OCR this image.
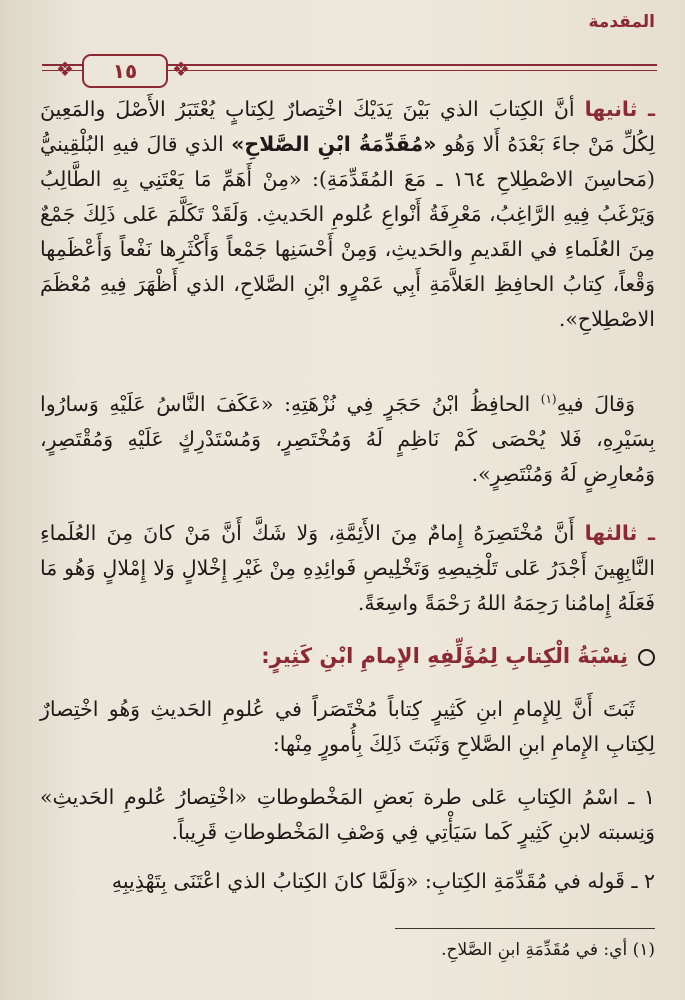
المقدمة
❖	١٥	❖
ـ ثانيها أنَّ الكِتابَ الذي بَيْنَ يَدَيْكَ اخْتِصارٌ لِكِتابٍ يُعْتَبَرُ الأَصْلَ والمَعِينَ لِكُلِّ مَنْ جاءَ بَعْدَهُ أَلا وَهُو «مُقَدِّمَةُ ابْنِ الصَّلاحِ» الذي قالَ فيهِ البُلْقِينيُّ (مَحاسِنَ الاصْطِلاحِ ١٦٤ ـ مَعَ المُقَدِّمَةِ): «مِنْ أَهَمِّ مَا يَعْتَنِي بِهِ الطَّالِبُ وَيَرْغَبُ فِيهِ الرَّاغِبُ، مَعْرِفَةُ أَنْواعِ عُلومِ الحَديثِ. وَلَقَدْ تَكَلَّمَ عَلى ذَلِكَ جَمْعٌ مِنَ العُلَماءِ في القَديمِ والحَديثِ، وَمِنْ أَحْسَنِها جَمْعاً وَأَكْثَرِها نَفْعاً وَأَعْظَمِها وَقْعاً، كِتابُ الحافِظِ العَلاَّمَةِ أَبِي عَمْرٍو ابْنِ الصَّلاحِ، الذي أَظْهَرَ فِيهِ مُعْظَمَ الاصْطِلاحِ».
وَقالَ فيهِ$^{(١)}$ الحافِظُ ابْنُ حَجَرٍ فِي نُزْهَتِهِ: «عَكَفَ النَّاسُ عَلَيْهِ وَسارُوا بِسَيْرِهِ، فَلا يُحْصَى كَمْ نَاظِمٍ لَهُ وَمُخْتَصِرٍ، وَمُسْتَدْرِكٍ عَلَيْهِ وَمُقْتَصِرٍ، وَمُعارِضٍ لَهُ وَمُنْتَصِرٍ».
ـ ثالثها أَنَّ مُخْتَصِرَهُ إِمامٌ مِنَ الأَئِمَّةِ، وَلا شَكَّ أَنَّ مَنْ كانَ مِنَ العُلَماءِ النَّابِهِينَ أَجْدَرُ عَلى تَلْخِيصِهِ وَتَخْلِيصِ فَوائِدِهِ مِنْ غَيْرِ إِخْلالٍ وَلا إِمْلالٍ وَهُو مَا فَعَلَهُ إِمامُنا رَحِمَهُ اللهُ رَحْمَةً واسِعَةً.
نِسْبَةُ الْكِتابِ لِمُؤَلِّفِهِ الإِمامِ ابْنِ كَثِيرٍ:
ثَبَتَ أَنَّ لِلإِمامِ ابنِ كَثِيرٍ كِتاباً مُخْتَصَراً في عُلومِ الحَديثِ وَهُو اخْتِصارٌ لِكِتابِ الإِمامِ ابنِ الصَّلاحِ وَثَبَتَ ذَلِكَ بِأُمورٍ مِنْها:
١ ـ اسْمُ الكِتابِ عَلى طرة بَعضِ المَخْطوطاتِ «اخْتِصارُ عُلومِ الحَديثِ» وَنِسبته لابنِ كَثِيرٍ كَما سَيَأْتِي فِي وَصْفِ المَخْطوطاتِ قَرِيباً.
٢ ـ قَوله في مُقَدِّمَةِ الكِتابِ: «وَلَمَّا كانَ الكِتابُ الذي اعْتَنَى بِتَهْذِيبِهِ
(١) أي: في مُقَدِّمَةِ ابنِ الصَّلاحِ.
